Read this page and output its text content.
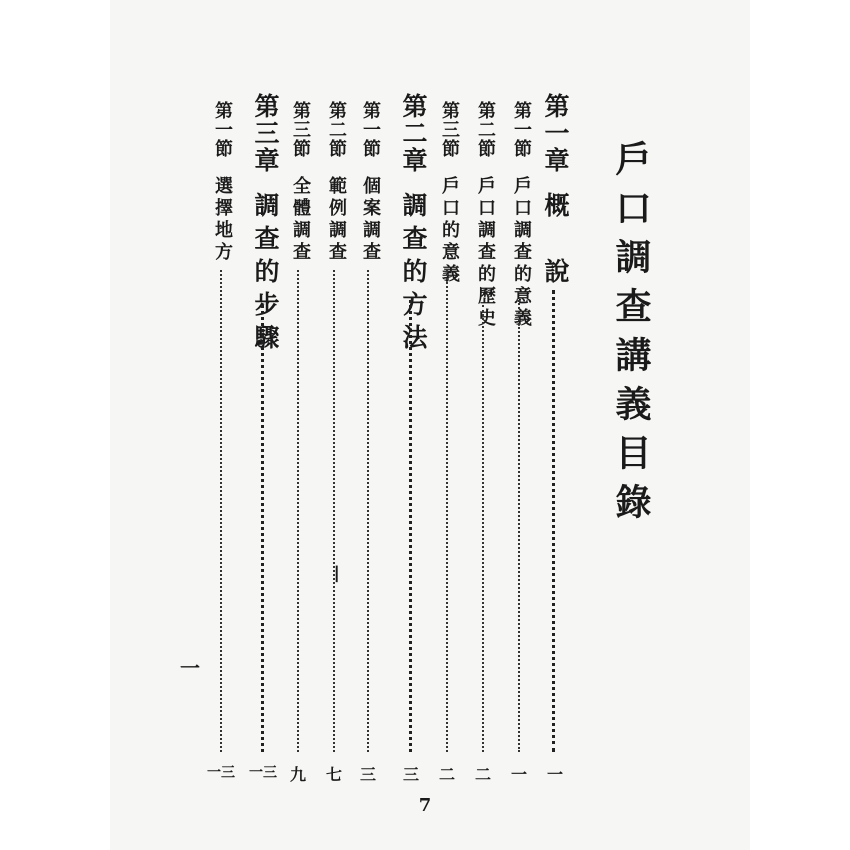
戶口調查講義目錄
第一章概　說
一
第一節戶口調查的意義
一
第二節戶口調查的歷史
二
第三節戶口的意義
二
第二章調查的方法
三
第一節個案調查
三
第二節範例調查
七
第三節全體調查
九
第三章調查的步驟
一三
第一節選擇地方
一三
一
❘
7
